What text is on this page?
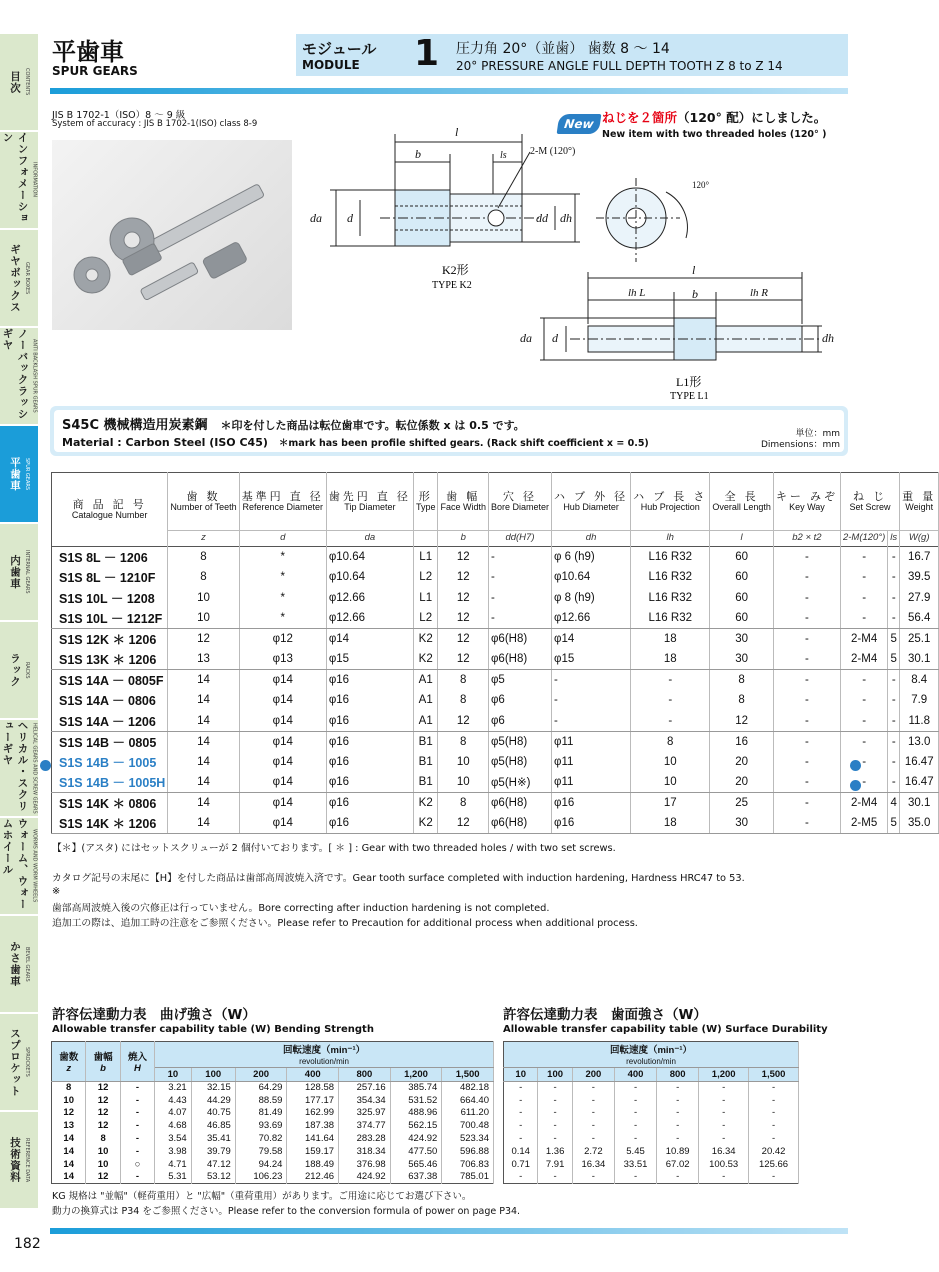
目次 CONTENTS
インフォメーション
INFORMATION
ギヤボックス GEAR BOXES
ノーバックラッシギヤ	ANTI BACKLASH SPUR GEARS
平歯車 SPUR GEARS
内歯車 INTERNAL GEARS
ラック RACKS
ヘリカル・スクリューギヤ	HELICAL GEARS AND SCREW GEARS
ウォーム、ウォームホイール	WORMS AND WORM WHEELS
かさ歯車 BEVEL GEARS
スプロケット SPROCKETS
技術資料 REFERENCE DATA
182
平歯車
SPUR GEARS
モジュール
MODULE 1 圧力角 20°（並歯） 歯数 8 ～ 14
20° PRESSURE ANGLE FULL DEPTH TOOTH Z 8 to Z 14
JIS B 1702-1（ISO）8 ～ 9 級
System of accuracy : JIS B 1702-1(ISO) class 8-9	New ねじを２箇所（120° 配）にしました。
New item with two threaded holes (120° )
l
b	ls 2-M (120°)
da d	dd dh
120°
K2形
TYPE K2
l
lh L	b	lh R
da d	dh
L1形
TYPE L1
S45C 機械構造用炭素鋼　 ＊印を付した商品は転位歯車です。転位係数 x は 0.5 です。
Material : Carbon Steel (ISO C45)　 ＊mark has been profile shifted gears. (Rack shift coefficient x = 0.5)
単位：mm
Dimensions：mm
商 品 記 号
Catalogue Number	歯 数
Number of Teeth	基準円 直 径
Reference Diameter	歯先円 直 径
Tip Diameter	形
Type	歯 幅
Face Width	穴 径
Bore Diameter	ハ ブ 外 径
Hub Diameter	ハ ブ 長 さ
Hub Projection	全 長
Overall Length	キー みぞ
Key Way	ね じ
Set Screw		重 量
Weight

	z	d	da		b	dd(H7)	dh	lh	l	b2 × t2	2-M(120°)	ls	W(g)
S1S 8L － 1206	8	*	φ10.64	L1	12	-	φ 6 (h9)	L16 R32	60	-	-	-	16.7
S1S 8L － 1210F	8	*	φ10.64	L2	12	-	φ10.64	L16 R32	60	-	-	-	39.5
S1S 10L － 1208	10	*	φ12.66	L1	12	-	φ 8 (h9)	L16 R32	60	-	-	-	27.9
S1S 10L － 1212F	10	*	φ12.66	L2	12	-	φ12.66	L16 R32	60	-	-	-	56.4
S1S 12K ＊ 1206	12	φ12	φ14	K2	12	φ6(H8)	φ14	18	30	-	2-M4	5	25.1
S1S 13K ＊ 1206	13	φ13	φ15	K2	12	φ6(H8)	φ15	18	30	-	2-M4	5	30.1
S1S 14A － 0805F	14	φ14	φ16	A1	8	φ5	-	-	8	-	-	-	8.4
S1S 14A － 0806	14	φ14	φ16	A1	8	φ6	-	-	8	-	-	-	7.9
S1S 14A － 1206	14	φ14	φ16	A1	12	φ6	-	-	12	-	-	-	11.8
S1S 14B － 0805	14	φ14	φ16	B1	8	φ5(H8)	φ11	8	16	-	-	-	13.0
S1S 14B － 1005	14	φ14	φ16	B1	10	φ5(H8)	φ11	10	20	-	-	-	16.47
S1S 14B － 1005H	14	φ14	φ16	B1	10	φ5(H※)	φ11	10	20	-	-	-	16.47
S1S 14K ＊ 0806	14	φ14	φ16	K2	8	φ6(H8)	φ16	17	25	-	2-M4	4	30.1
S1S 14K ＊ 1206	14	φ14	φ16	K2	12	φ6(H8)	φ16	18	30	-	2-M5	5	35.0
【＊】(アスタ) にはセットスクリューが 2 個付いております。[ ＊ ] : Gear with two threaded holes / with two set screws.
カタログ記号の末尾に【H】を付した商品は歯部高周波焼入済です。Gear tooth surface completed with induction hardening, Hardness HRC47 to 53.
※
歯部高周波焼入後の穴修正は行っていません。Bore correcting after induction hardening is not completed.
追加工の際は、追加工時の注意をご参照ください。Please refer to Precaution for additional process when additional process.
許容伝達動力表　曲げ強さ（W）
Allowable transfer capability table (W) Bending Strength
歯数
z	歯幅
b	焼入
H	回転速度（min⁻¹）
revolution/min						
			10	100	200	400	800	1,200	1,500
8	12	-	3.21	32.15	64.29	128.58	257.16	385.74	482.18
10	12	-	4.43	44.29	88.59	177.17	354.34	531.52	664.40
12	12	-	4.07	40.75	81.49	162.99	325.97	488.96	611.20
13	12	-	4.68	46.85	93.69	187.38	374.77	562.15	700.48
14	8	-	3.54	35.41	70.82	141.64	283.28	424.92	523.34
14	10	-	3.98	39.79	79.58	159.17	318.34	477.50	596.88
14	10	○	4.71	47.12	94.24	188.49	376.98	565.46	706.83
14	12	-	5.31	53.12	106.23	212.46	424.92	637.38	785.01
許容伝達動力表　歯面強さ（W）
Allowable transfer capability table (W) Surface Durability
回転速度（min⁻¹）
revolution/min						
10	100	200	400	800	1,200	1,500
-	-	-	-	-	-	-
-	-	-	-	-	-	-
-	-	-	-	-	-	-
-	-	-	-	-	-	-
-	-	-	-	-	-	-
0.14	1.36	2.72	5.45	10.89	16.34	20.42
0.71	7.91	16.34	33.51	67.02	100.53	125.66
-	-	-	-	-	-	-
KG 規格は "並幅"（軽荷重用）と "広幅"（重荷重用）があります。ご用途に応じてお選び下さい。
動力の換算式は P34 をご参照ください。Please refer to the conversion formula of power on page P34.
